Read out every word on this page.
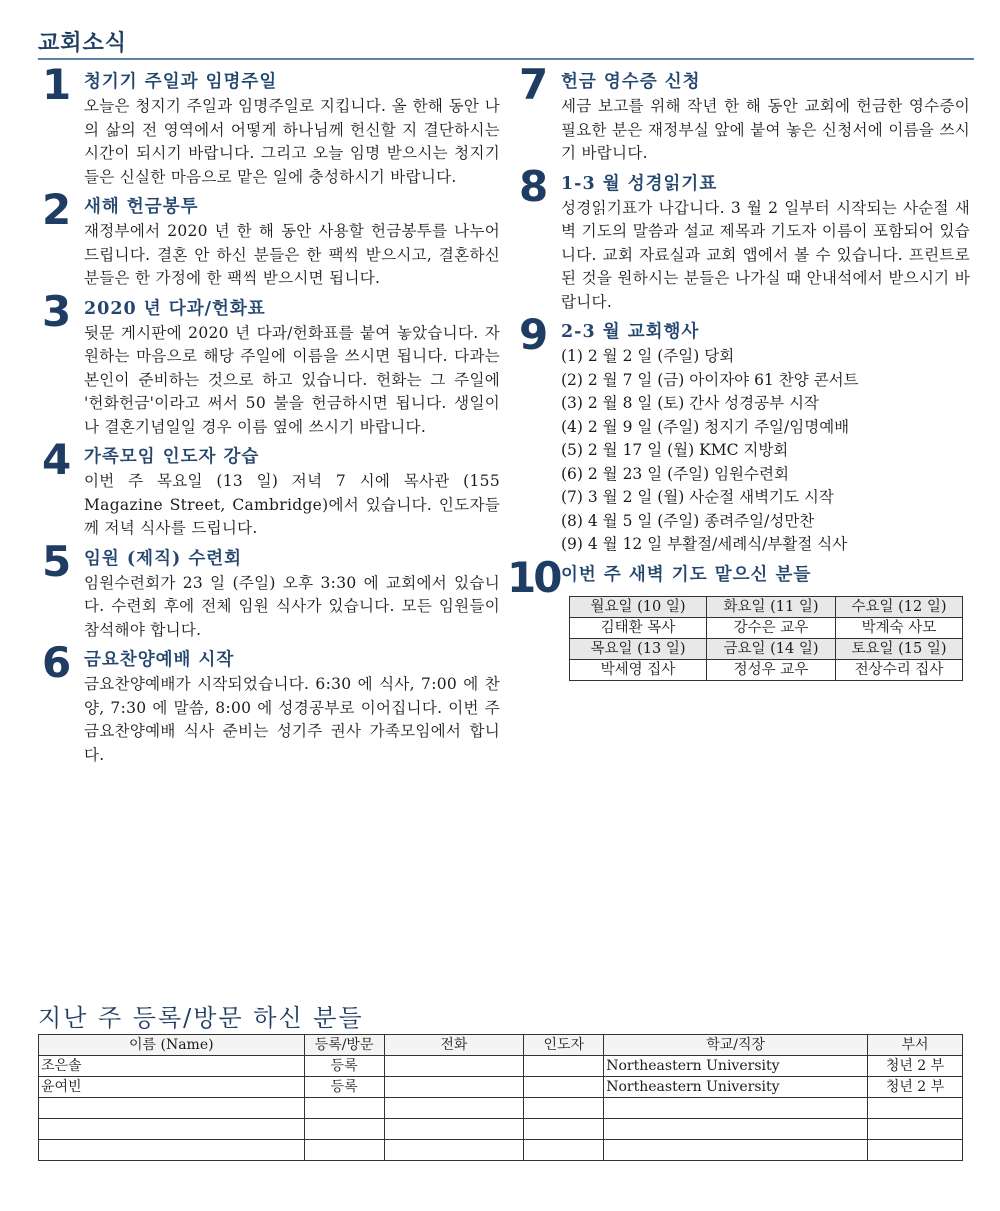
교회소식
1 청기기 주일과 임명주일
오늘은 청지기 주일과 임명주일로 지킵니다. 올 한해 동안 나의 삶의 전 영역에서 어떻게 하나님께 헌신할 지 결단하시는 시간이 되시기 바랍니다. 그리고 오늘 임명 받으시는 청지기들은 신실한 마음으로 맡은 일에 충성하시기 바랍니다.
2 새해 헌금봉투
재정부에서 2020 년 한 해 동안 사용할 헌금봉투를 나누어 드립니다. 결혼 안 하신 분들은 한 팩씩 받으시고, 결혼하신 분들은 한 가정에 한 팩씩 받으시면 됩니다.
3 2020 년 다과/헌화표
뒷문 게시판에 2020 년 다과/헌화표를 붙여 놓았습니다. 자원하는 마음으로 해당 주일에 이름을 쓰시면 됩니다. 다과는 본인이 준비하는 것으로 하고 있습니다. 헌화는 그 주일에 '헌화헌금'이라고 써서 50 불을 헌금하시면 됩니다. 생일이나 결혼기념일일 경우 이름 옆에 쓰시기 바랍니다.
4 가족모임 인도자 강습
이번 주 목요일 (13 일) 저녁 7 시에 목사관 (155 Magazine Street, Cambridge)에서 있습니다. 인도자들께 저녁 식사를 드립니다.
5 임원 (제직) 수련회
임원수련회가 23 일 (주일) 오후 3:30 에 교회에서 있습니다. 수련회 후에 전체 임원 식사가 있습니다. 모든 임원들이 참석해야 합니다.
6 금요찬양예배 시작
금요찬양예배가 시작되었습니다. 6:30 에 식사, 7:00 에 찬양, 7:30 에 말씀, 8:00 에 성경공부로 이어집니다. 이번 주 금요찬양예배 식사 준비는 성기주 권사 가족모임에서 합니다.
7 헌금 영수증 신청
세금 보고를 위해 작년 한 해 동안 교회에 헌금한 영수증이 필요한 분은 재정부실 앞에 붙여 놓은 신청서에 이름을 쓰시기 바랍니다.
8 1-3 월 성경읽기표
성경읽기표가 나갑니다. 3 월 2 일부터 시작되는 사순절 새벽 기도의 말씀과 설교 제목과 기도자 이름이 포함되어 있습니다. 교회 자료실과 교회 앱에서 볼 수 있습니다. 프린트로 된 것을 원하시는 분들은 나가실 때 안내석에서 받으시기 바랍니다.
9 2-3 월 교회행사
(1) 2 월 2 일 (주일) 당회
(2) 2 월 7 일 (금) 아이자야 61 찬양 콘서트
(3) 2 월 8 일 (토) 간사 성경공부 시작
(4) 2 월 9 일 (주일) 청지기 주일/임명예배
(5) 2 월 17 일 (월) KMC 지방회
(6) 2 월 23 일 (주일) 임원수련회
(7) 3 월 2 일 (월) 사순절 새벽기도 시작
(8) 4 월 5 일 (주일) 종려주일/성만찬
(9) 4 월 12 일 부활절/세례식/부활절 식사
10 이번 주 새벽 기도 맡으신 분들
월요일 (10 일)	화요일 (11 일)	수요일 (12 일)
김태환 목사	강수은 교우	박계숙 사모
목요일 (13 일)	금요일 (14 일)	토요일 (15 일)
박세영 집사	정성우 교우	전상수리 집사
지난 주 등록/방문 하신 분들
이름 (Name)	등록/방문	전화	인도자	학교/직장	부서
조은솔	등록			Northeastern University	청년 2 부
윤여빈	등록			Northeastern University	청년 2 부
